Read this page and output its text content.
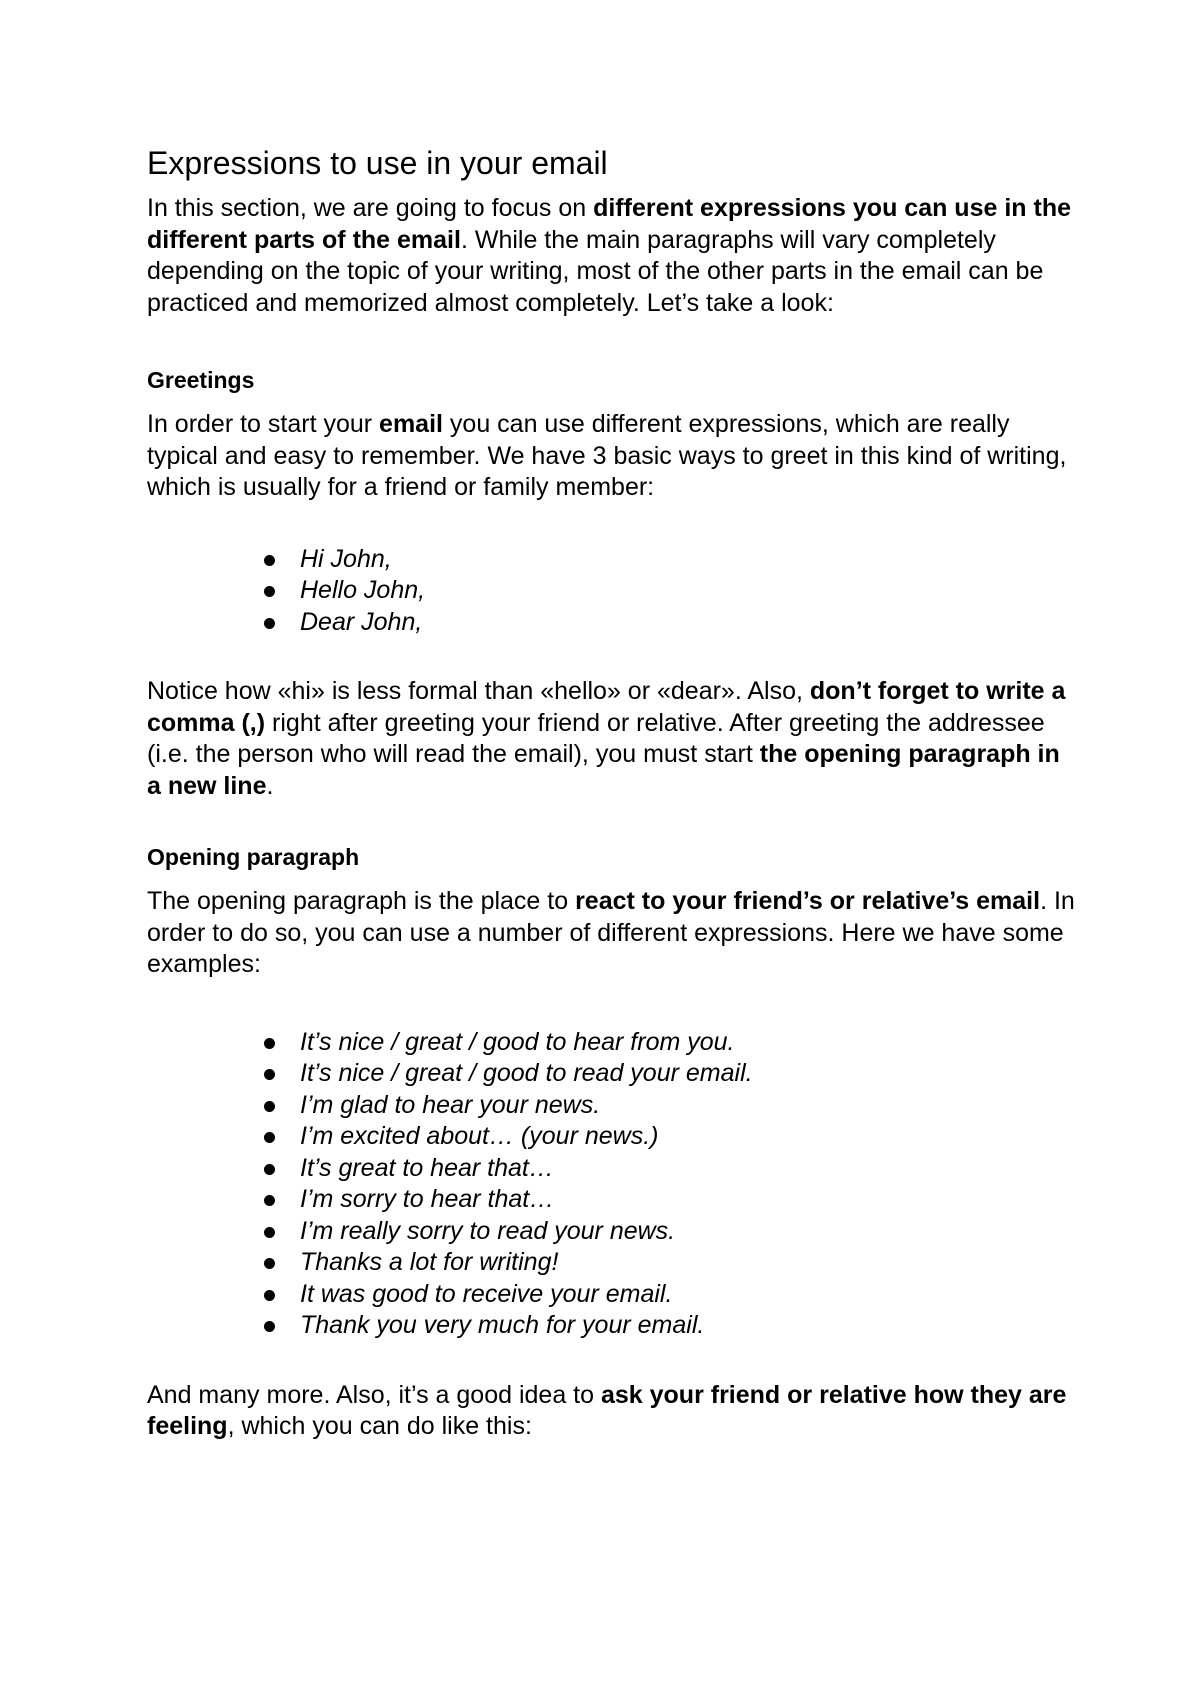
Expressions to use in your email

In this section, we are going to focus on different expressions you can use in the different parts of the email. While the main paragraphs will vary completely depending on the topic of your writing, most of the other parts in the email can be practiced and memorized almost completely. Let’s take a look:

Greetings

In order to start your email you can use different expressions, which are really typical and easy to remember. We have 3 basic ways to greet in this kind of writing, which is usually for a friend or family member:

Hi John,
Hello John,
Dear John,

Notice how «hi» is less formal than «hello» or «dear». Also, don’t forget to write a comma (,) right after greeting your friend or relative. After greeting the addressee (i.e. the person who will read the email), you must start the opening paragraph in a new line.

Opening paragraph

The opening paragraph is the place to react to your friend’s or relative’s email. In order to do so, you can use a number of different expressions. Here we have some examples:

It’s nice / great / good to hear from you.
It’s nice / great / good to read your email.
I’m glad to hear your news.
I’m excited about… (your news.)
It’s great to hear that…
I’m sorry to hear that…
I’m really sorry to read your news.
Thanks a lot for writing!
It was good to receive your email.
Thank you very much for your email.

And many more. Also, it’s a good idea to ask your friend or relative how they are feeling, which you can do like this:
